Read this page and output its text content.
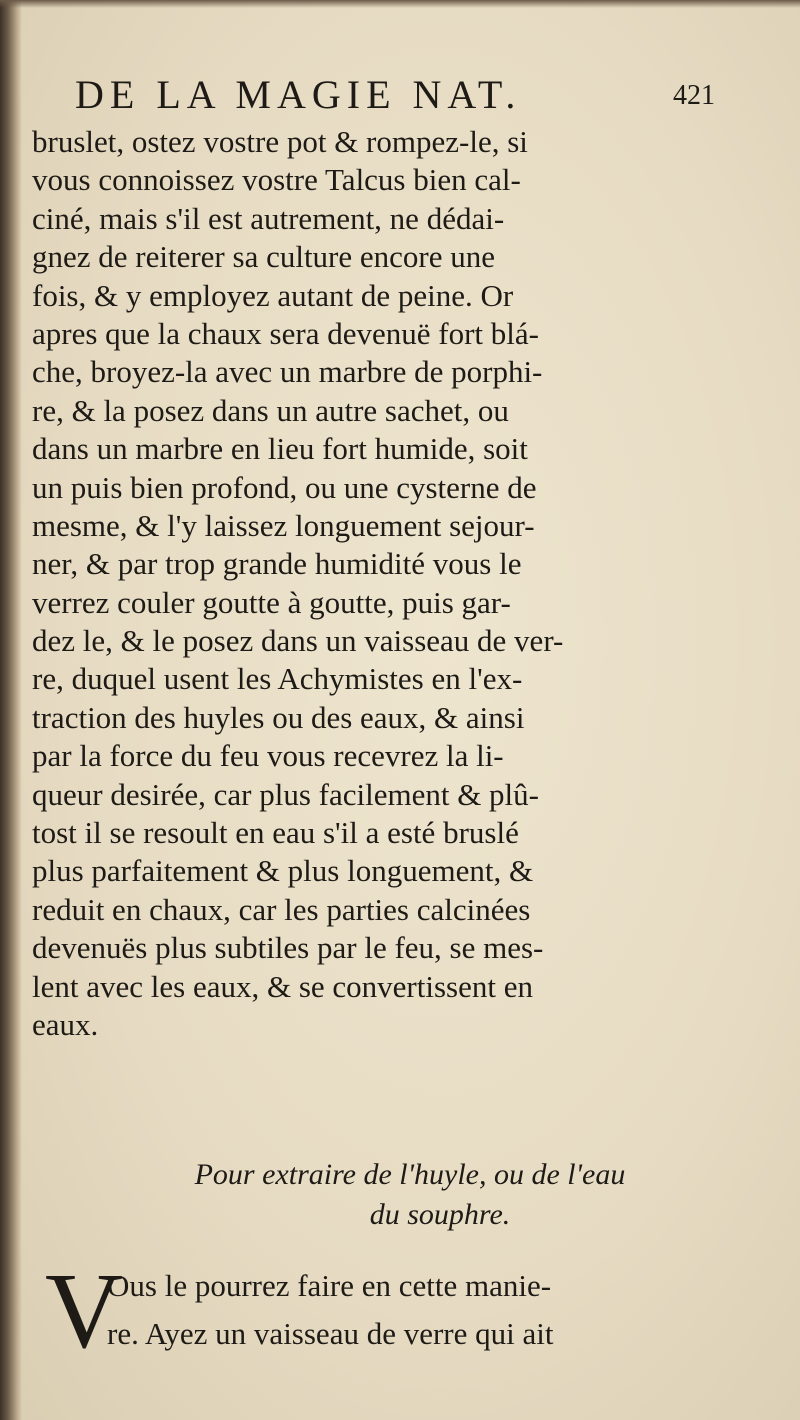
DE LA MAGIE NAT.	421
bruslet, ostez vostre pot & rompez-le, si
vous connoissez vostre Talcus bien cal-
ciné, mais s'il est autrement, ne dédai-
gnez de reiterer sa culture encore une
fois, & y employez autant de peine. Or
apres que la chaux sera devenuë fort blá-
che, broyez-la avec un marbre de porphi-
re, & la posez dans un autre sachet, ou
dans un marbre en lieu fort humide, soit
un puis bien profond, ou une cysterne de
mesme, & l'y laissez longuement sejour-
ner, & par trop grande humidité vous le
verrez couler goutte à goutte, puis gar-
dez le, & le posez dans un vaisseau de ver-
re, duquel usent les Achymistes en l'ex-
traction des huyles ou des eaux, & ainsi
par la force du feu vous recevrez la li-
queur desirée, car plus facilement & plû-
tost il se resoult en eau s'il a esté bruslé
plus parfaitement & plus longuement, &
reduit en chaux, car les parties calcinées
devenuës plus subtiles par le feu, se mes-
lent avec les eaux, & se convertissent en
eaux.
Pour extraire de l'huyle, ou de l'eau
du souphre.
V
Ous le pourrez faire en cette manie-
re. Ayez un vaisseau de verre qui ait
